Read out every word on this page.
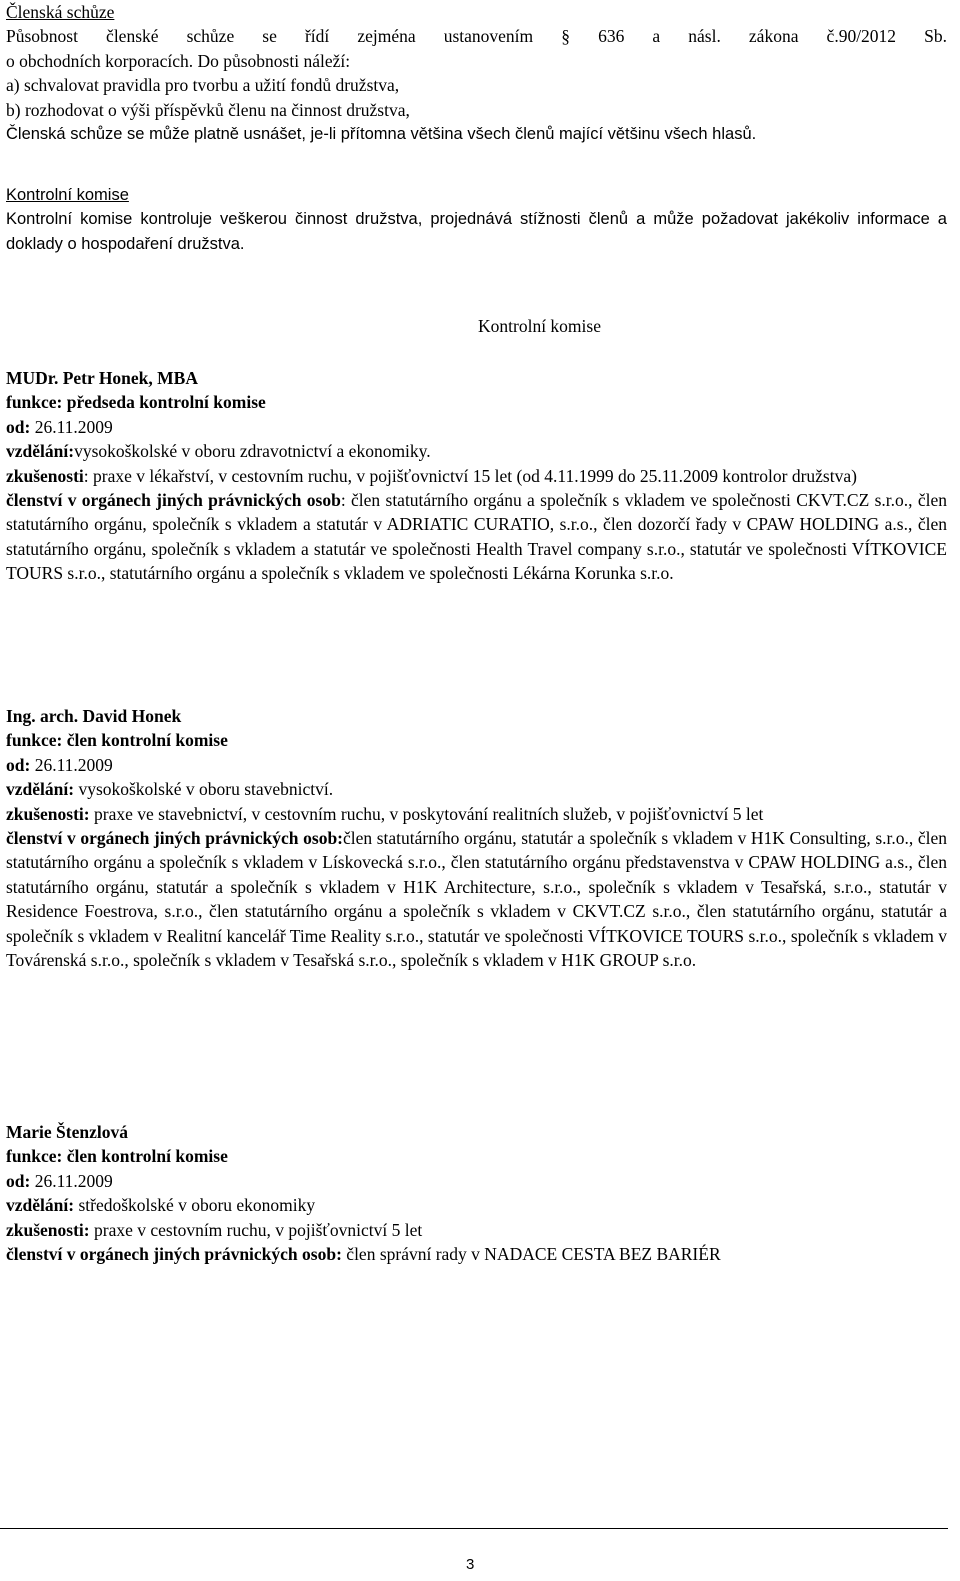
Členská schůze

Působnost členské schůze se řídí zejména ustanovením § 636 a násl. zákona č.90/2012 Sb.

o obchodních korporacích. Do působnosti náleží:

a) schvalovat pravidla pro tvorbu a užití fondů družstva,

b) rozhodovat o výši příspěvků členu na činnost družstva,

Členská schůze se může platně usnášet, je-li přítomna většina všech členů mající většinu všech hlasů.

Kontrolní komise

Kontrolní komise kontroluje veškerou činnost družstva, projednává stížnosti členů a může požadovat jakékoliv informace a doklady o hospodaření družstva.

Kontrolní komise

MUDr. Petr Honek, MBA

funkce: předseda kontrolní komise

od: 26.11.2009

vzdělání:vysokoškolské v oboru zdravotnictví a ekonomiky.

zkušenosti: praxe v lékařství, v cestovním ruchu, v pojišťovnictví 15 let (od 4.11.1999 do 25.11.2009 kontrolor družstva)

členství v orgánech jiných právnických osob: člen statutárního orgánu a společník s vkladem ve společnosti CKVT.CZ s.r.o., člen statutárního orgánu, společník s vkladem a statutár v ADRIATIC CURATIO, s.r.o., člen dozorčí řady v CPAW HOLDING a.s., člen statutárního orgánu, společník s vkladem a statutár ve společnosti Health Travel company s.r.o., statutár ve společnosti VÍTKOVICE TOURS s.r.o., statutárního orgánu a společník s vkladem ve společnosti Lékárna Korunka s.r.o.

Ing. arch. David Honek

funkce: člen kontrolní komise

od: 26.11.2009

vzdělání: vysokoškolské v oboru stavebnictví.

zkušenosti: praxe ve stavebnictví, v cestovním ruchu, v poskytování realitních služeb, v pojišťovnictví 5 let

členství v orgánech jiných právnických osob:člen statutárního orgánu, statutár a společník s vkladem v H1K Consulting, s.r.o., člen statutárního orgánu a společník s vkladem v Lískovecká s.r.o., člen statutárního orgánu představenstva v CPAW HOLDING a.s., člen statutárního orgánu, statutár a společník s vkladem v H1K Architecture, s.r.o., společník s vkladem v Tesařská, s.r.o., statutár v Residence Foestrova, s.r.o., člen statutárního orgánu a společník s vkladem v CKVT.CZ s.r.o., člen statutárního orgánu, statutár a společník s vkladem v Realitní kancelář Time Reality s.r.o., statutár ve společnosti VÍTKOVICE TOURS s.r.o., společník s vkladem v Továrenská s.r.o., společník s vkladem v Tesařská s.r.o., společník s vkladem v H1K GROUP s.r.o.

Marie Štenzlová

funkce: člen kontrolní komise

od: 26.11.2009

vzdělání: středoškolské v oboru ekonomiky

zkušenosti: praxe v cestovním ruchu, v pojišťovnictví 5 let

členství v orgánech jiných právnických osob: člen správní rady v NADACE CESTA BEZ BARIÉR

3
